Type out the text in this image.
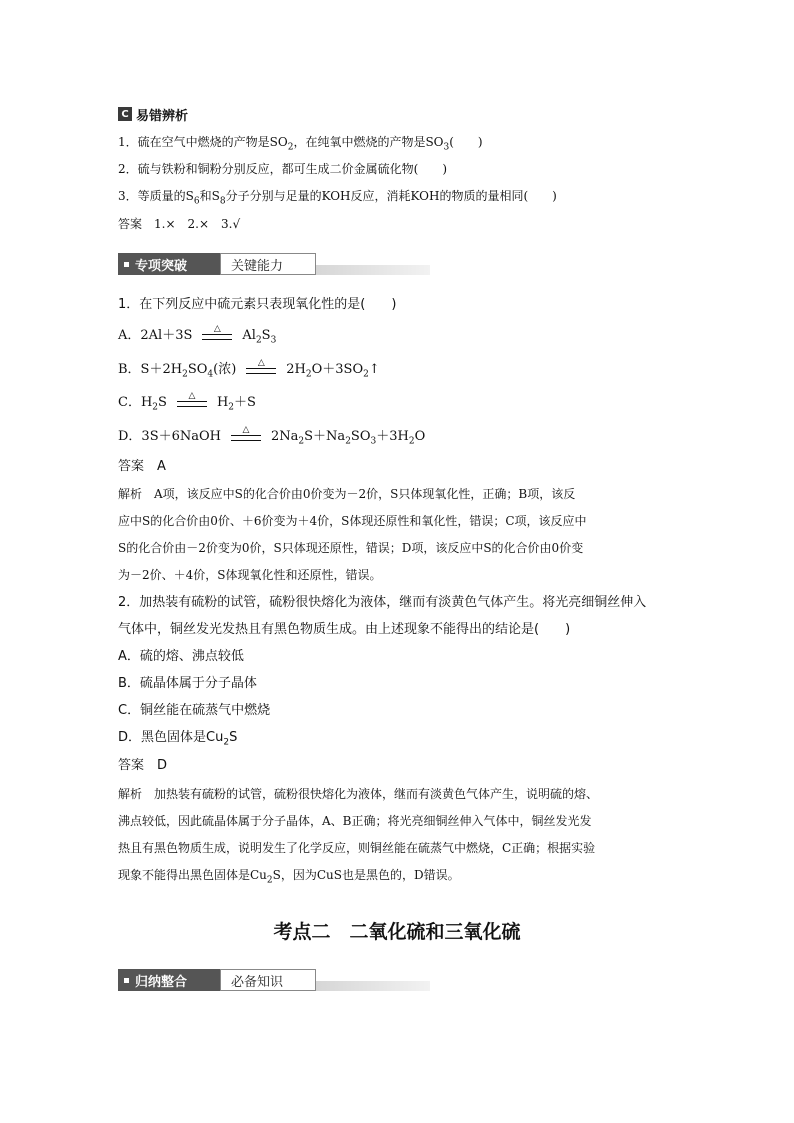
C 易错辨析
1．硫在空气中燃烧的产物是$SO_2$，在纯氧中燃烧的产物是$SO_3$(　　)
2．硫与铁粉和铜粉分别反应，都可生成二价金属硫化物(　　)
3．等质量的$S_6$和$S_8$分子分别与足量的KOH反应，消耗KOH的物质的量相同(　　)
答案　1.×　2.×　3.√
专项突破	关键能力
1．在下列反应中硫元素只表现氧化性的是(　　)
A．2Al＋3S △ $Al_2S_3$
B．$S+2H_2SO_4$(浓) △ $2H_2O+3SO_2↑$
C．$H_2S$ △ $H_2+S$
D．3S＋6NaOH △ $2Na_2S+Na_2SO_3+3H_2O$
答案　A
解析　A项，该反应中S的化合价由0价变为－2价，S只体现氧化性，正确；B项，该反
应中S的化合价由0价、＋6价变为＋4价，S体现还原性和氧化性，错误；C项，该反应中
S的化合价由－2价变为0价，S只体现还原性，错误；D项，该反应中S的化合价由0价变
为－2价、＋4价，S体现氧化性和还原性，错误。
2．加热装有硫粉的试管，硫粉很快熔化为液体，继而有淡黄色气体产生。将光亮细铜丝伸入
气体中，铜丝发光发热且有黑色物质生成。由上述现象不能得出的结论是(　　)
A．硫的熔、沸点较低
B．硫晶体属于分子晶体
C．铜丝能在硫蒸气中燃烧
D．黑色固体是$Cu_2S$
答案　D
解析　加热装有硫粉的试管，硫粉很快熔化为液体，继而有淡黄色气体产生，说明硫的熔、
沸点较低，因此硫晶体属于分子晶体，A、B正确；将光亮细铜丝伸入气体中，铜丝发光发
热且有黑色物质生成，说明发生了化学反应，则铜丝能在硫蒸气中燃烧，C正确；根据实验
现象不能得出黑色固体是$Cu_2S$，因为CuS也是黑色的，D错误。
考点二　二氧化硫和三氧化硫
归纳整合	必备知识
